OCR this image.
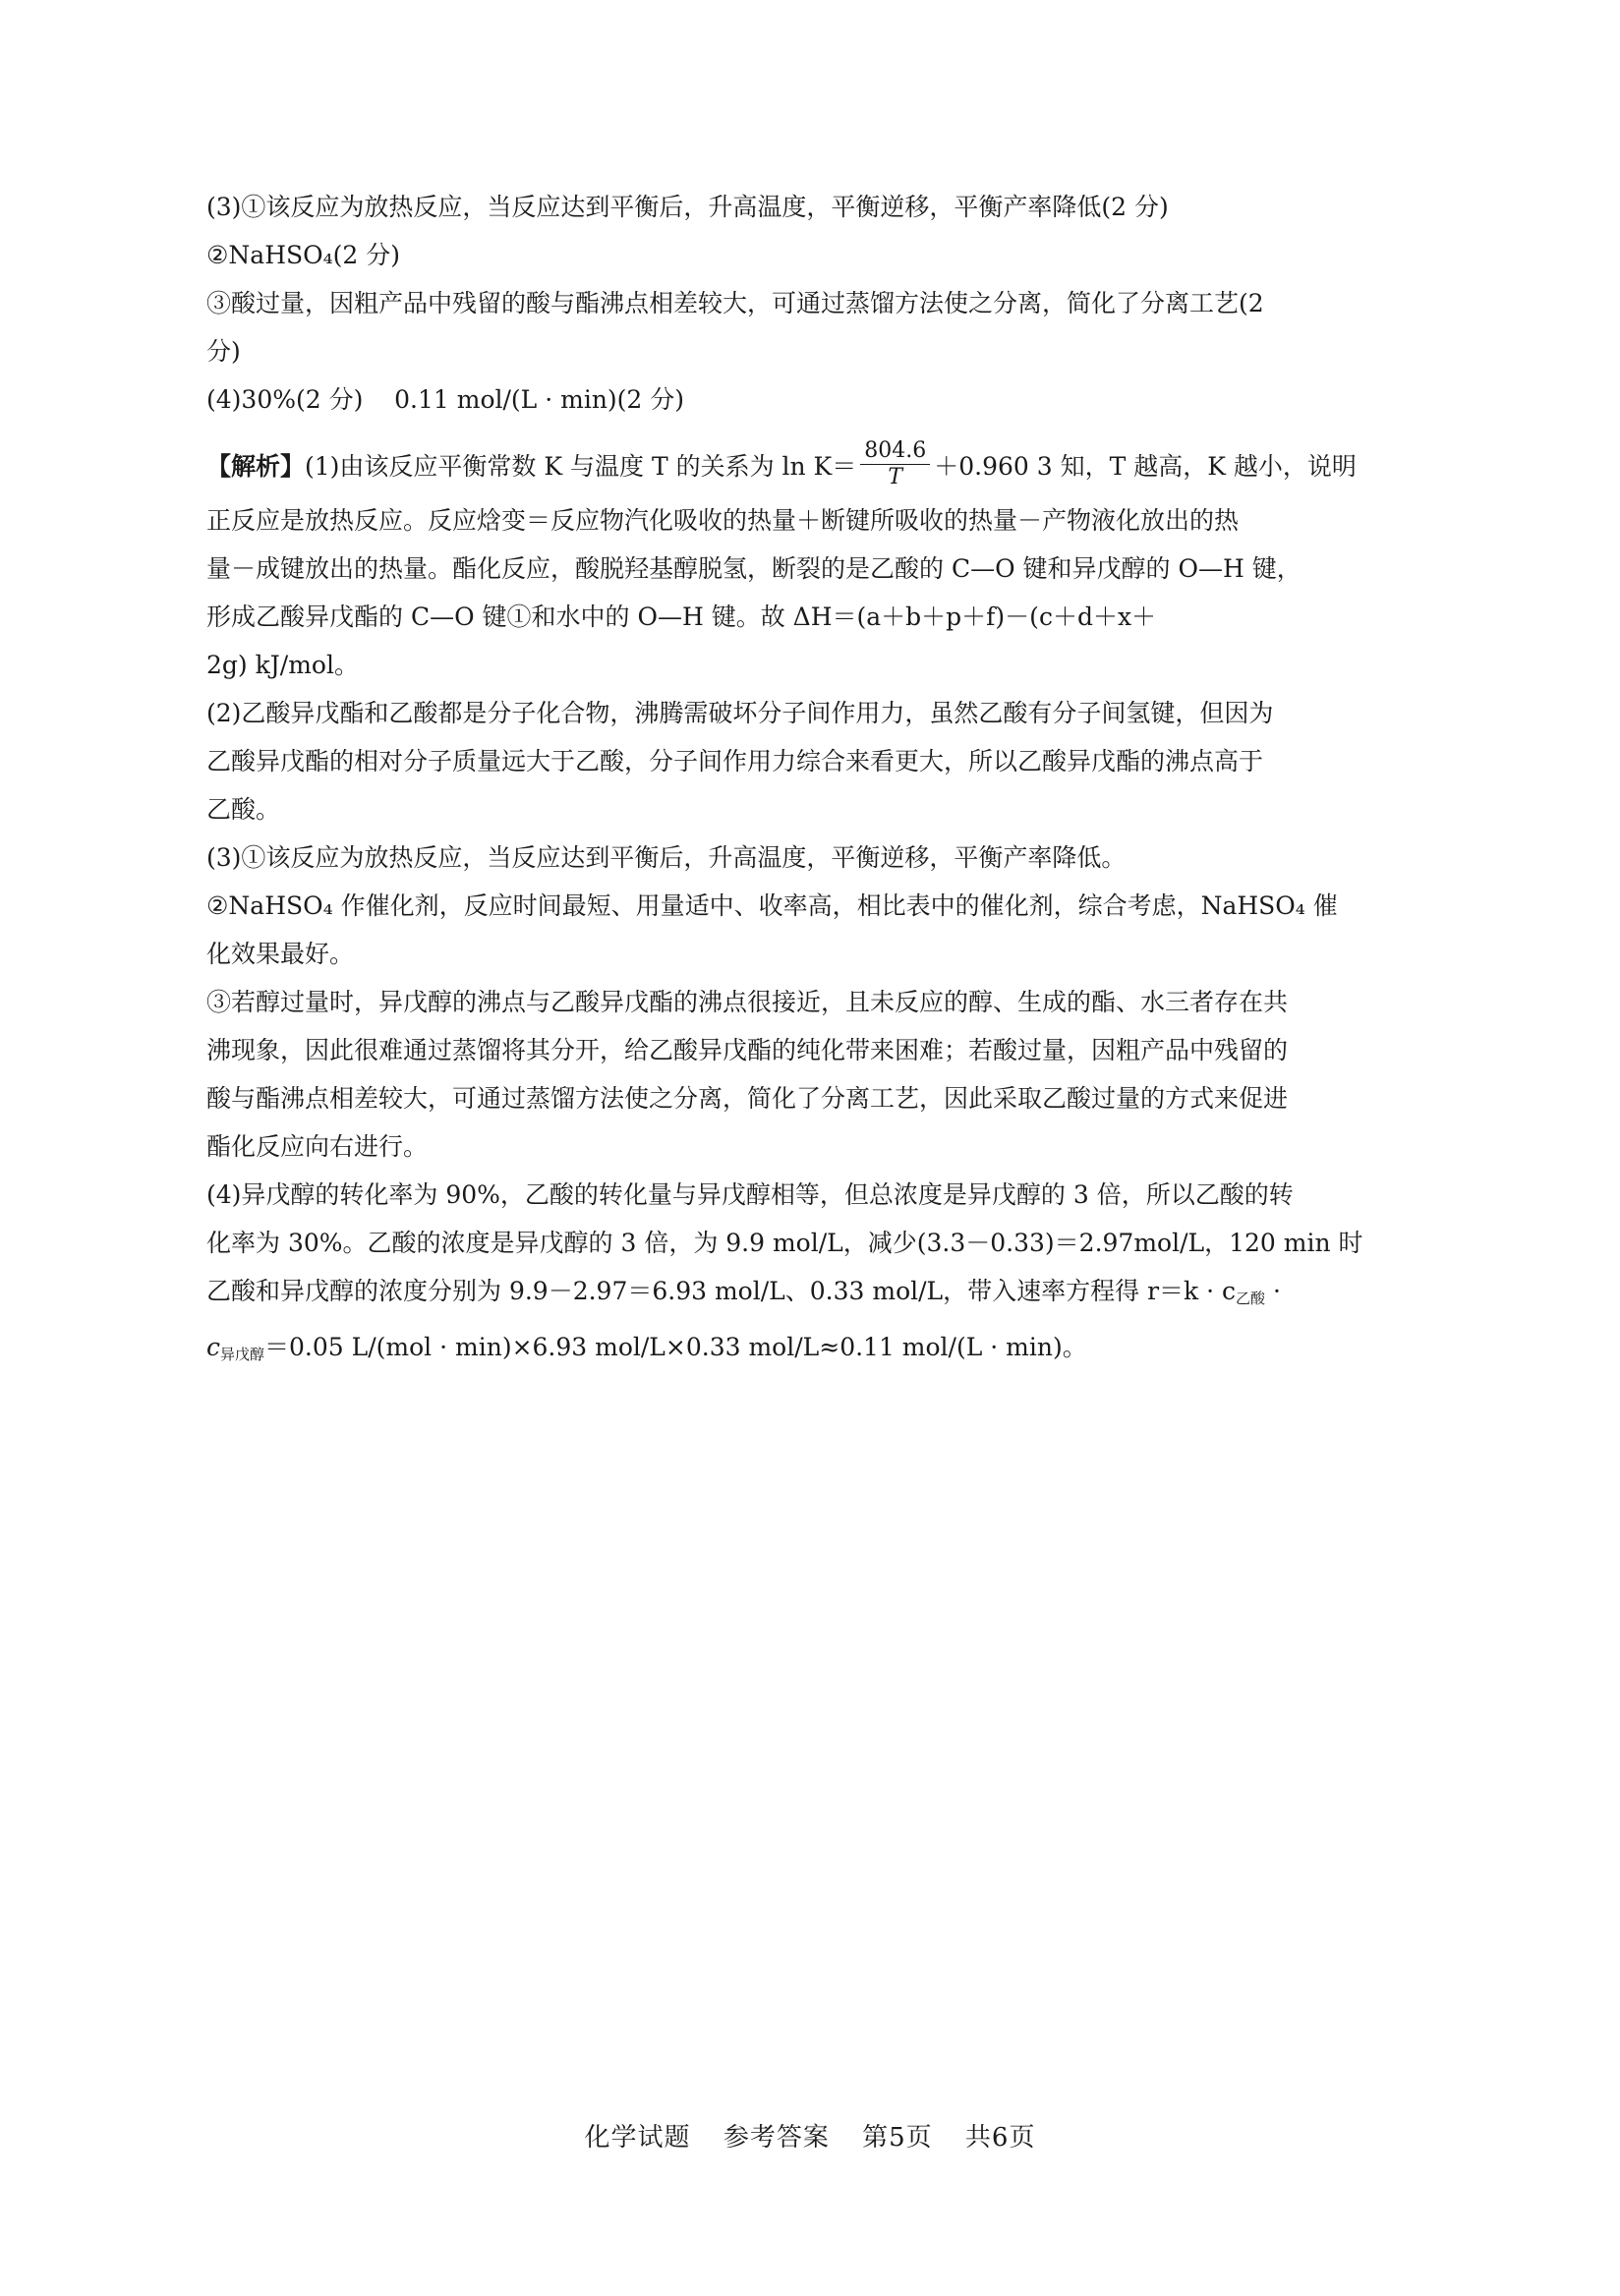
(3)①该反应为放热反应，当反应达到平衡后，升高温度，平衡逆移，平衡产率降低(2 分)
②NaHSO₄(2 分)
③酸过量，因粗产品中残留的酸与酯沸点相差较大，可通过蒸馏方法使之分离，简化了分离工艺(2
分)
(4)30%(2 分) 0.11 mol/(L · min)(2 分)
【解析】(1)由该反应平衡常数 K 与温度 T 的关系为 $\ln K= \frac{804.6}{T} +0.960$ 3 知，T 越高，K 越小，说明
正反应是放热反应。反应焓变＝反应物汽化吸收的热量＋断键所吸收的热量－产物液化放出的热
量－成键放出的热量。酯化反应，酸脱羟基醇脱氢，断裂的是乙酸的 C—O 键和异戊醇的 O—H 键，
形成乙酸异戊酯的 C—O 键①和水中的 O—H 键。故 ΔH＝(a＋b＋p＋f)－(c＋d＋x＋
2g) kJ/mol。
(2)乙酸异戊酯和乙酸都是分子化合物，沸腾需破坏分子间作用力，虽然乙酸有分子间氢键，但因为
乙酸异戊酯的相对分子质量远大于乙酸，分子间作用力综合来看更大，所以乙酸异戊酯的沸点高于
乙酸。
(3)①该反应为放热反应，当反应达到平衡后，升高温度，平衡逆移，平衡产率降低。
②NaHSO₄ 作催化剂，反应时间最短、用量适中、收率高，相比表中的催化剂，综合考虑，NaHSO₄ 催
化效果最好。
③若醇过量时，异戊醇的沸点与乙酸异戊酯的沸点很接近，且未反应的醇、生成的酯、水三者存在共
沸现象，因此很难通过蒸馏将其分开，给乙酸异戊酯的纯化带来困难；若酸过量，因粗产品中残留的
酸与酯沸点相差较大，可通过蒸馏方法使之分离，简化了分离工艺，因此采取乙酸过量的方式来促进
酯化反应向右进行。
(4)异戊醇的转化率为 90%，乙酸的转化量与异戊醇相等，但总浓度是异戊醇的 3 倍，所以乙酸的转
化率为 30%。乙酸的浓度是异戊醇的 3 倍，为 9.9 mol/L，减少(3.3－0.33)＝2.97mol/L，120 min 时
乙酸和异戊醇的浓度分别为 9.9－2.97＝6.93 mol/L、0.33 mol/L，带入速率方程得 $r=k \cdot c_{乙酸}$ ·
$c_{异戊醇}=0.05$ L/(mol · min)×6.93 mol/L×0.33 mol/L≈0.11 mol/(L · min)。
化学试题 参考答案 第5页 共6页
